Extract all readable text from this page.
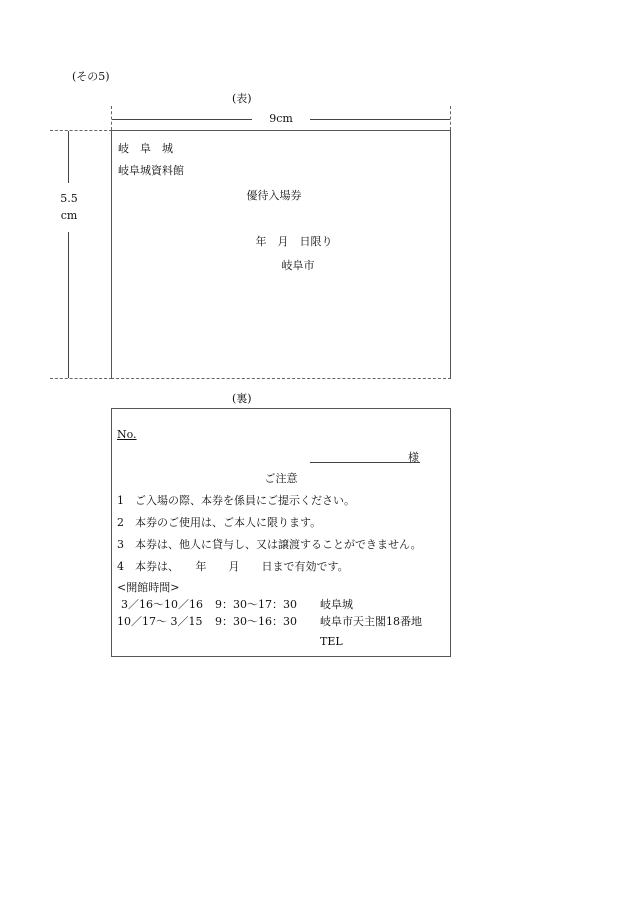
(その5)
(表)
9cm
5.5
cm
岐　阜　城
岐阜城資料館
優待入場券
年　月　日限り
岐阜市
(裏)
No.
様
ご注意
1　ご入場の際、本券を係員にご提示ください。
2　本券のご使用は、ご本人に限ります。
3　本券は、他人に貸与し、又は譲渡することができません。
4　本券は、　　年　　月　　日まで有効です。
<開館時間>
3／16～10／16 9：30～17：30 岐阜城
10／17～ 3／15 9：30～16：30 岐阜市天主閣18番地
TEL
